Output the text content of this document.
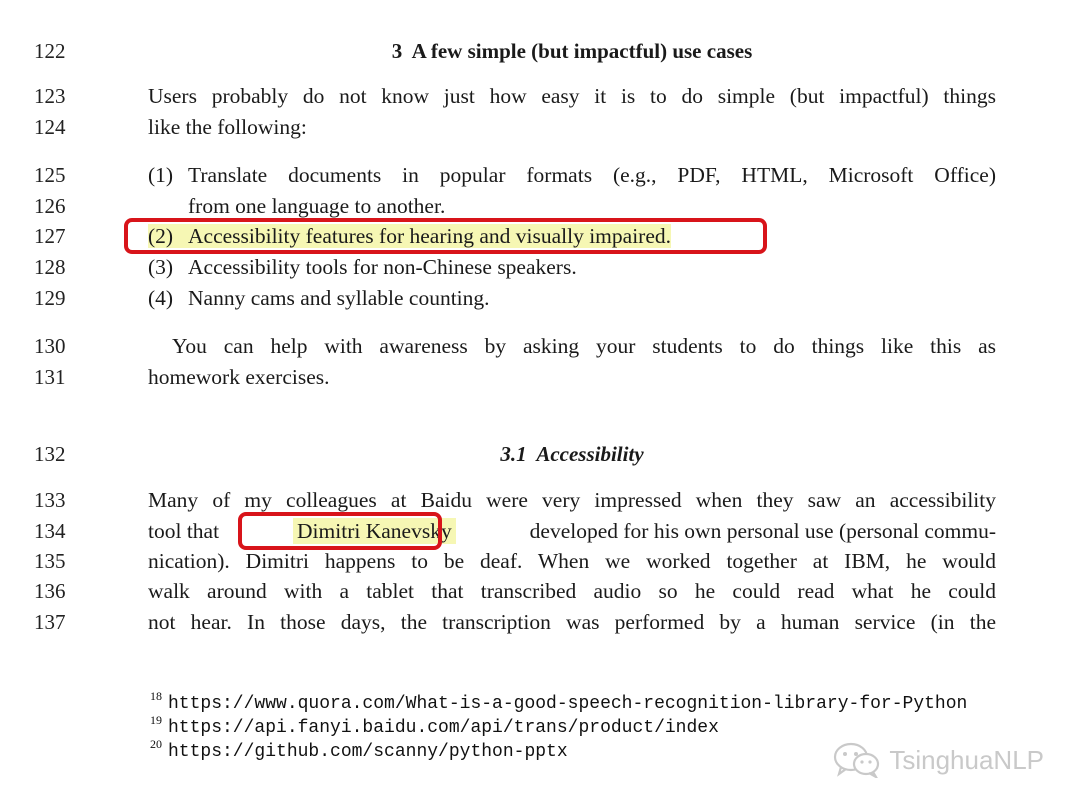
122
123
124
125
126
127
128
129
130
131
132
133
134
135
136
137
3 A few simple (but impactful) use cases
Users probably do not know just how easy it is to do simple (but impactful) things
like the following:
(1) Translate documents in popular formats (e.g., PDF, HTML, Microsoft Office)
from one language to another.
(2) Accessibility features for hearing and visually impaired.
(3) Accessibility tools for non-Chinese speakers.
(4) Nanny cams and syllable counting.
You can help with awareness by asking your students to do things like this as
homework exercises.
3.1 Accessibility
Many of my colleagues at Baidu were very impressed when they saw an accessibility
tool that	Dimitri Kanevsky	developed for his own personal use (personal commu-
nication). Dimitri happens to be deaf. When we worked together at IBM, he would
walk around with a tablet that transcribed audio so he could read what he could
not hear. In those days, the transcription was performed by a human service (in the
$^{18}$ https://www.quora.com/What-is-a-good-speech-recognition-library-for-Python
$^{19}$ https://api.fanyi.baidu.com/api/trans/product/index
$^{20}$ https://github.com/scanny/python-pptx	TsinghuaNLP
